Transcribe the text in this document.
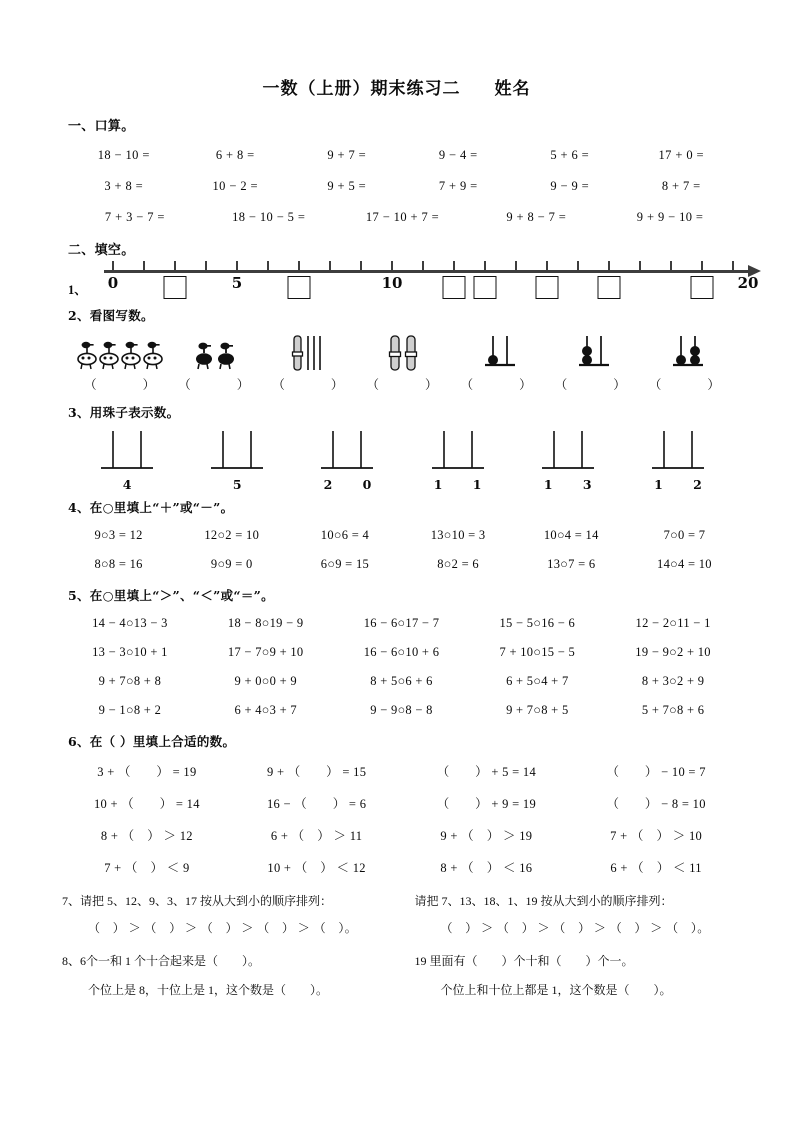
一数（上册）期末练习二 姓名
一、口算。
18 − 10 =	6 + 8 =	9 + 7 =	9 − 4 =	5 + 6 =	17 + 0 =
3 + 8 =	10 − 2 =	9 + 5 =	7 + 9 =	9 − 9 =	8 + 7 =
7 + 3 − 7 =	18 − 10 − 5 =	17 − 10 + 7 =	9 + 8 − 7 =	9 + 9 − 10 =
二、填空。
1、 0	5	10	20
2、看图写数。
（　　） （　　） （　　） （　　） （　　） （　　） （　　）
3、用珠子表示数。
4	5	2 0	1 1	1 3	1 2
4、在○里填上“＋”或“－”。
9○3 = 12	12○2 = 10	10○6 = 4	13○10 = 3	10○4 = 14	7○0 = 7
8○8 = 16	9○9 = 0	6○9 = 15	8○2 = 6	13○7 = 6	14○4 = 10
5、在○里填上“＞”、“＜”或“＝”。
14 − 4○13 − 3	18 − 8○19 − 9	16 − 6○17 − 7	15 − 5○16 − 6	12 − 2○11 − 1
13 − 3○10 + 1	17 − 7○9 + 10	16 − 6○10 + 6	7 + 10○15 − 5	19 − 9○2 + 10
9 + 7○8 + 8	9 + 0○0 + 9	8 + 5○6 + 6	6 + 5○4 + 7	8 + 3○2 + 9
9 − 1○8 + 2	6 + 4○3 + 7	9 − 9○8 − 8	9 + 7○8 + 5	5 + 7○8 + 6
6、在（ ）里填上合适的数。
3 + （　　） = 19	9 + （　　） = 15	（　　） + 5 = 14	（　　） − 10 = 7
10 + （　　） = 14	16 − （　　） = 6	（　　） + 9 = 19	（　　） − 8 = 10
8 + （　） ＞ 12	6 + （　） ＞ 11	9 + （　） ＞ 19	7 + （　） ＞ 10
7 + （　） ＜ 9	10 + （　） ＜ 12	8 + （　） ＜ 16	6 + （　） ＜ 11
7、请把 5、12、9、3、17 按从大到小的顺序排列：	请把 7、13、18、1、19 按从大到小的顺序排列：
（　） ＞ （　） ＞ （　） ＞ （　） ＞ （　）。	（　） ＞ （　） ＞ （　） ＞ （　） ＞ （　）。
8、6个一和 1 个十合起来是（　　）。	19 里面有（　　）个十和（　　）个一。
个位上是 8，十位上是 1，这个数是（　　）。	个位上和十位上都是 1，这个数是（　　）。
